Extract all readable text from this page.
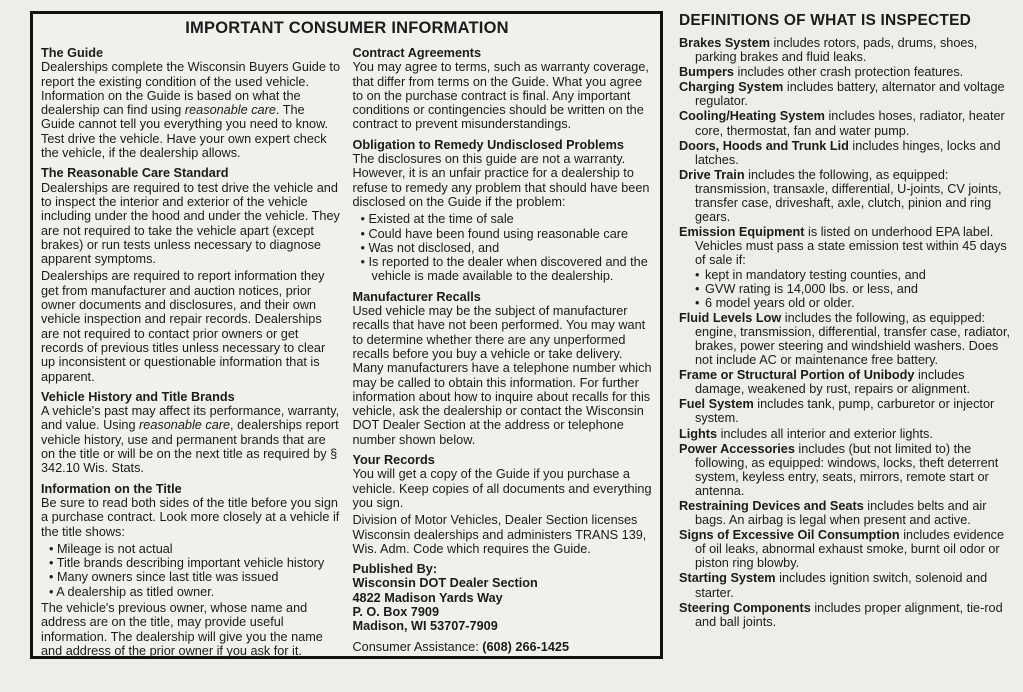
IMPORTANT CONSUMER INFORMATION
The Guide
Dealerships complete the Wisconsin Buyers Guide to report the existing condition of the used vehicle. Information on the Guide is based on what the dealership can find using reasonable care. The Guide cannot tell you everything you need to know. Test drive the vehicle. Have your own expert check the vehicle, if the dealership allows.
The Reasonable Care Standard
Dealerships are required to test drive the vehicle and to inspect the interior and exterior of the vehicle including under the hood and under the vehicle. They are not required to take the vehicle apart (except brakes) or run tests unless necessary to diagnose apparent symptoms.
Dealerships are required to report information they get from manufacturer and auction notices, prior owner documents and disclosures, and their own vehicle inspection and repair records. Dealerships are not required to contact prior owners or get records of previous titles unless necessary to clear up inconsistent or questionable information that is apparent.
Vehicle History and Title Brands
A vehicle's past may affect its performance, warranty, and value. Using reasonable care, dealerships report vehicle history, use and permanent brands that are on the title or will be on the next title as required by § 342.10 Wis. Stats.
Information on the Title
Be sure to read both sides of the title before you sign a purchase contract. Look more closely at a vehicle if the title shows:
• Mileage is not actual
• Title brands describing important vehicle history
• Many owners since last title was issued
• A dealership as titled owner.
The vehicle's previous owner, whose name and address are on the title, may provide useful information. The dealership will give you the name and address of the prior owner if you ask for it.
Contract Agreements
You may agree to terms, such as warranty coverage, that differ from terms on the Guide. What you agree to on the purchase contract is final. Any important conditions or contingencies should be written on the contract to prevent misunderstandings.
Obligation to Remedy Undisclosed Problems
The disclosures on this guide are not a warranty. However, it is an unfair practice for a dealership to refuse to remedy any problem that should have been disclosed on the Guide if the problem:
• Existed at the time of sale
• Could have been found using reasonable care
• Was not disclosed, and
• Is reported to the dealer when discovered and the vehicle is made available to the dealership.
Manufacturer Recalls
Used vehicle may be the subject of manufacturer recalls that have not been performed. You may want to determine whether there are any unperformed recalls before you buy a vehicle or take delivery. Many manufacturers have a telephone number which may be called to obtain this information. For further information about how to inquire about recalls for this vehicle, ask the dealership or contact the Wisconsin DOT Dealer Section at the address or telephone number shown below.
Your Records
You will get a copy of the Guide if you purchase a vehicle. Keep copies of all documents and everything you sign.
Division of Motor Vehicles, Dealer Section licenses Wisconsin dealerships and administers TRANS 139, Wis. Adm. Code which requires the Guide.
Published By:
Wisconsin DOT Dealer Section
4822 Madison Yards Way
P. O. Box 7909
Madison, WI 53707-7909
Consumer Assistance: (608) 266-1425
DEFINITIONS OF WHAT IS INSPECTED
Brakes System includes rotors, pads, drums, shoes, parking brakes and fluid leaks.
Bumpers includes other crash protection features.
Charging System includes battery, alternator and voltage regulator.
Cooling/Heating System includes hoses, radiator, heater core, thermostat, fan and water pump.
Doors, Hoods and Trunk Lid includes hinges, locks and latches.
Drive Train includes the following, as equipped: transmission, transaxle, differential, U-joints, CV joints, transfer case, driveshaft, axle, clutch, pinion and ring gears.
Emission Equipment is listed on underhood EPA label. Vehicles must pass a state emission test within 45 days of sale if:
• kept in mandatory testing counties, and
• GVW rating is 14,000 lbs. or less, and
• 6 model years old or older.
Fluid Levels Low includes the following, as equipped: engine, transmission, differential, transfer case, radiator, brakes, power steering and windshield washers. Does not include AC or maintenance free battery.
Frame or Structural Portion of Unibody includes damage, weakened by rust, repairs or alignment.
Fuel System includes tank, pump, carburetor or injector system.
Lights includes all interior and exterior lights.
Power Accessories includes (but not limited to) the following, as equipped: windows, locks, theft deterrent system, keyless entry, seats, mirrors, remote start or antenna.
Restraining Devices and Seats includes belts and air bags. An airbag is legal when present and active.
Signs of Excessive Oil Consumption includes evidence of oil leaks, abnormal exhaust smoke, burnt oil odor or piston ring blowby.
Starting System includes ignition switch, solenoid and starter.
Steering Components includes proper alignment, tie-rod and ball joints.
